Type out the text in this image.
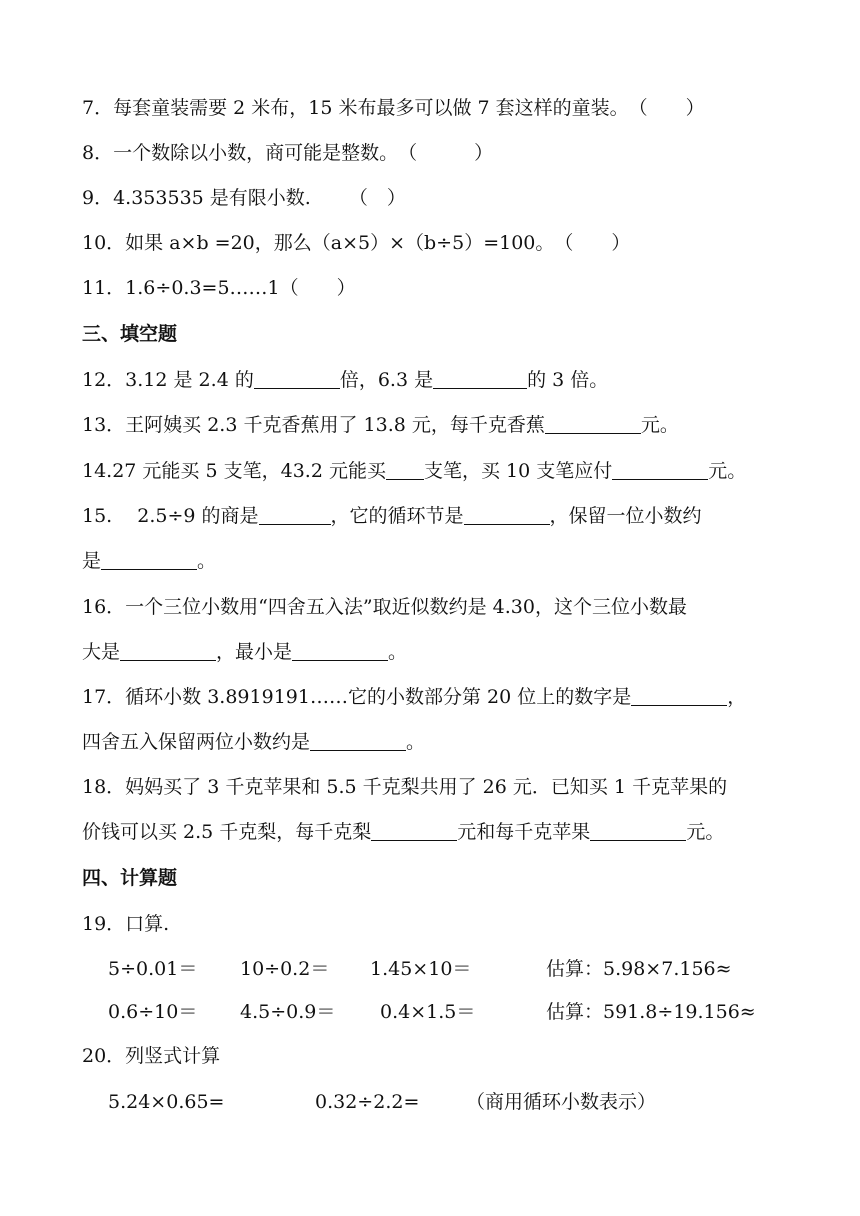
7．每套童装需要 2 米布，15 米布最多可以做 7 套这样的童装。（　　）
8．一个数除以小数，商可能是整数。（　　　）
9．4.353535 是有限小数.　　（　）
10．如果 a×b =20，那么（a×5）×（b÷5）=100。（　　）
11．1.6÷0.3=5……1（　　）
三、填空题
12．3.12 是 2.4 的	倍，6.3 是	的 3 倍。
13．王阿姨买 2.3 千克香蕉用了 13.8 元，每千克香蕉	元。
14.27 元能买 5 支笔，43.2 元能买 支笔，买 10 支笔应付	元。
15.　 2.5÷9 的商是	，它的循环节是	，保留一位小数约
是	。
16．一个三位小数用“四舍五入法”取近似数约是 4.30，这个三位小数最
大是	，最小是	。
17．循环小数 3.8919191……它的小数部分第 20 位上的数字是	，
四舍五入保留两位小数约是	。
18．妈妈买了 3 千克苹果和 5.5 千克梨共用了 26 元．已知买 1 千克苹果的
价钱可以买 2.5 千克梨，每千克梨	元和每千克苹果	元。
四、计算题
19．口算.
5÷0.01＝ 10÷0.2＝ 1.45×10＝	估算：5.98×7.156≈
0.6÷10＝ 4.5÷0.9＝ 0.4×1.5＝	估算：591.8÷19.156≈
20．列竖式计算
5.24×0.65=	0.32÷2.2= （商用循环小数表示）
